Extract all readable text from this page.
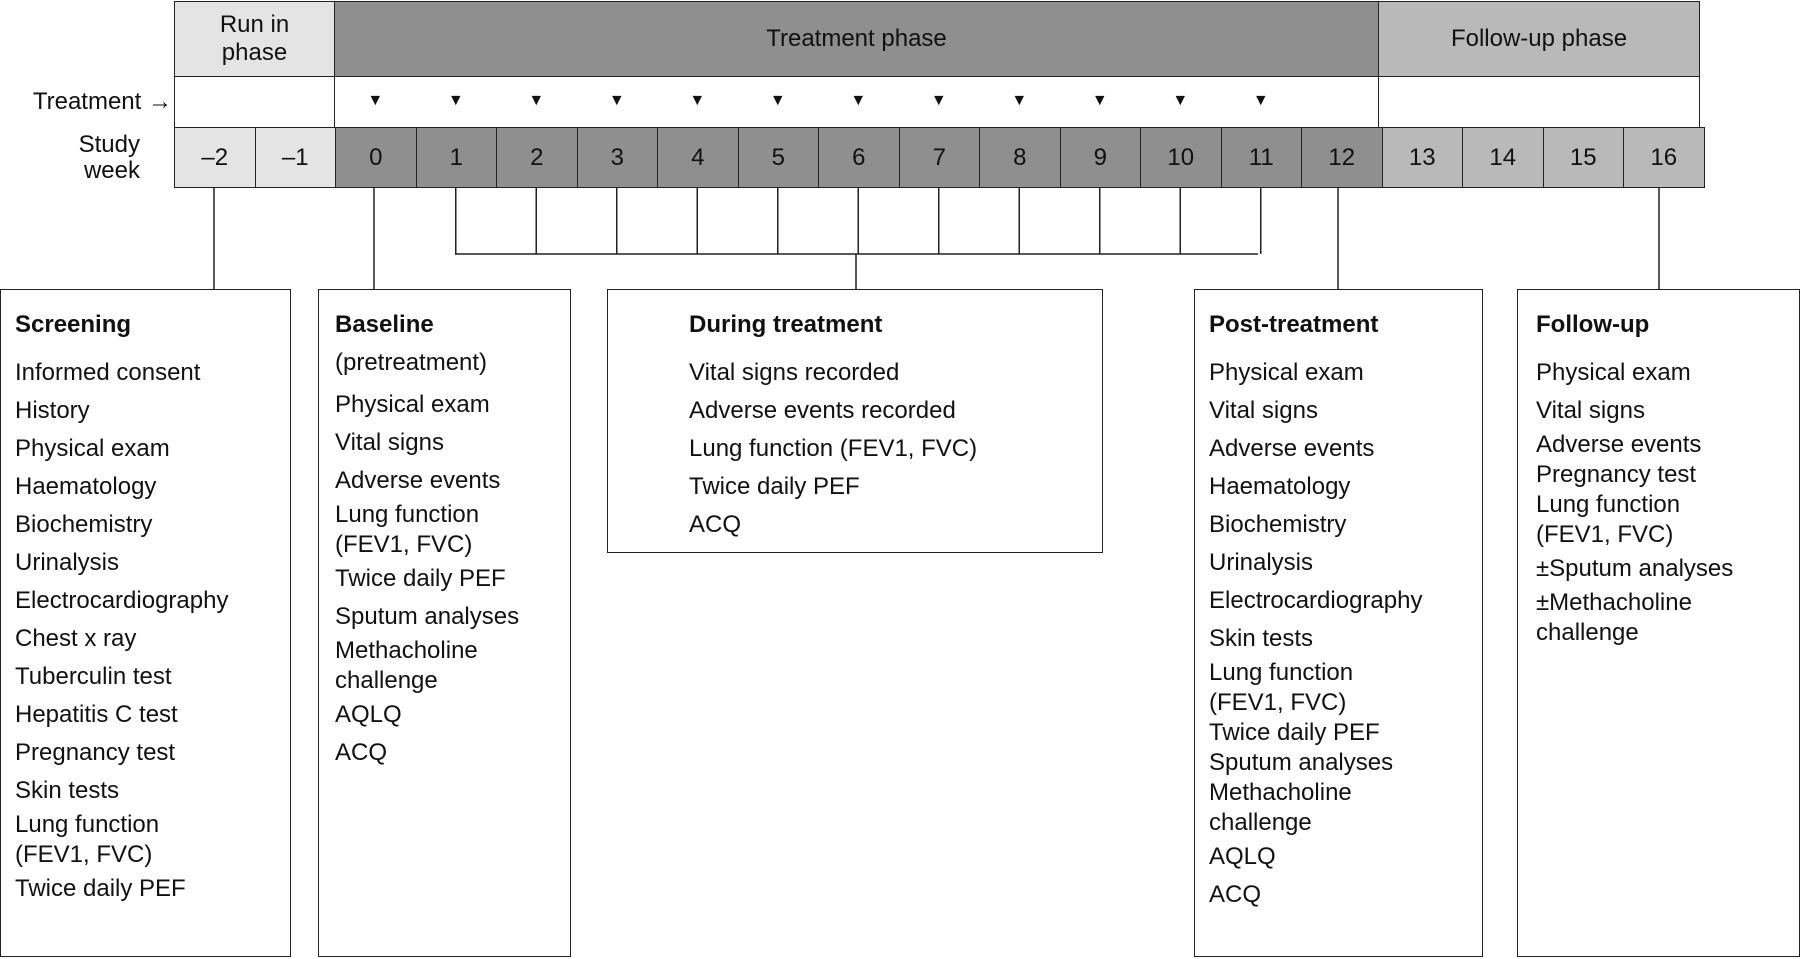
Run in phase
Treatment phase	Follow-up phase
▼	▼	▼	▼	▼	▼	▼	▼	▼	▼	▼	▼
Treatment →
Study
week
–2 –1	0	1	2	3	4	5	6	7	8	9	10 11 12 13 14 15 16
Screening
Informed consent
History
Physical exam
Haematology
Biochemistry
Urinalysis
Electrocardiography
Chest x ray
Tuberculin test
Hepatitis C test
Pregnancy test
Skin tests
Lung function
(FEV1, FVC)
Twice daily PEF
Baseline
(pretreatment)
Physical exam
Vital signs
Adverse events
Lung function
(FEV1, FVC)
Twice daily PEF
Sputum analyses
Methacholine
challenge
AQLQ
ACQ
During treatment
Vital signs recorded
Adverse events recorded
Lung function (FEV1, FVC)
Twice daily PEF
ACQ
Post-treatment
Physical exam
Vital signs
Adverse events
Haematology
Biochemistry
Urinalysis
Electrocardiography
Skin tests
Lung function
(FEV1, FVC)
Twice daily PEF
Sputum analyses
Methacholine
challenge
AQLQ
ACQ
Follow-up
Physical exam
Vital signs
Adverse events
Pregnancy test
Lung function
(FEV1, FVC)
±Sputum analyses
±Methacholine
challenge
